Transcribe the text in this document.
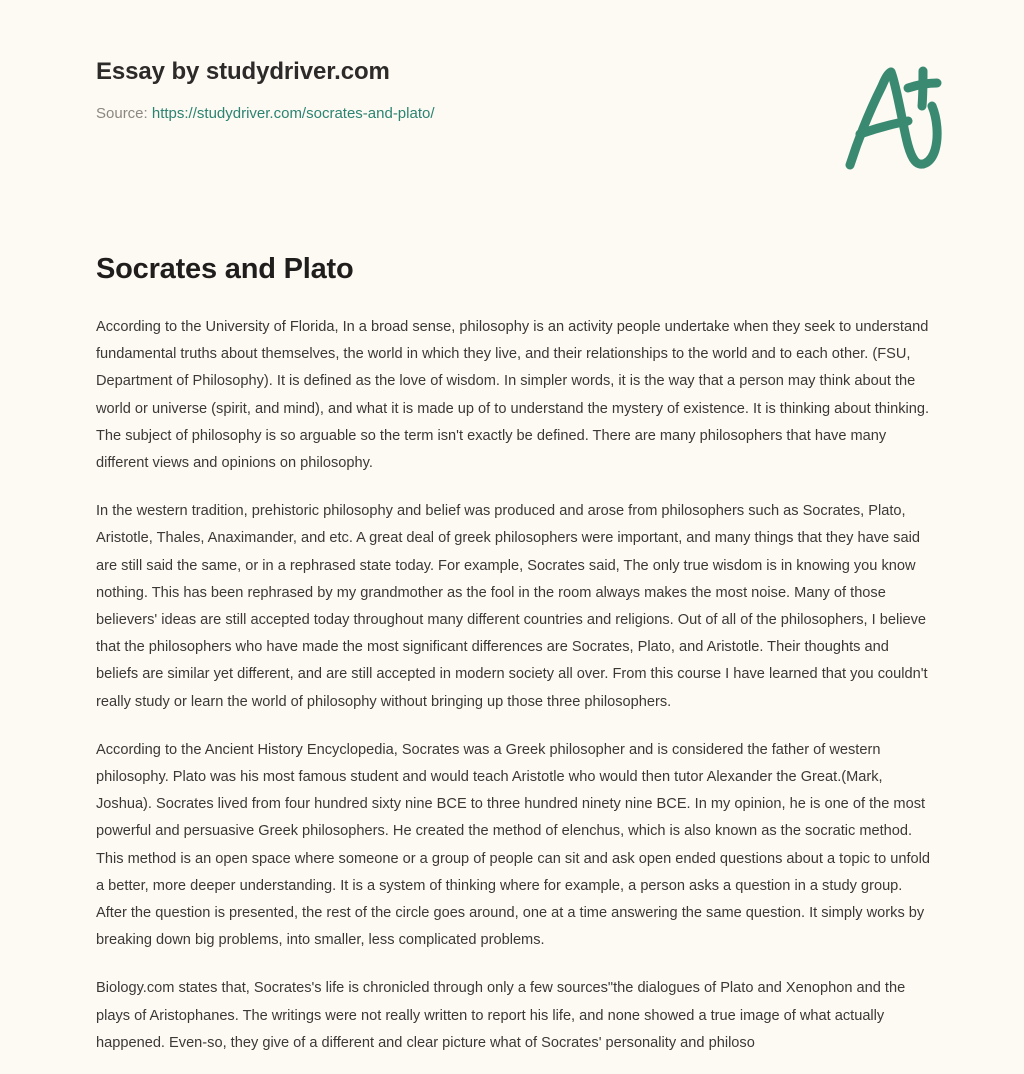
Essay by studydriver.com
Source: https://studydriver.com/socrates-and-plato/
Socrates and Plato

According to the University of Florida, In a broad sense, philosophy is an activity people undertake when they seek to understand fundamental truths about themselves, the world in which they live, and their relationships to the world and to each other. (FSU, Department of Philosophy). It is defined as the love of wisdom. In simpler words, it is the way that a person may think about the world or universe (spirit, and mind), and what it is made up of to understand the mystery of existence. It is thinking about thinking. The subject of philosophy is so arguable so the term isn't exactly be defined. There are many philosophers that have many different views and opinions on philosophy.

In the western tradition, prehistoric philosophy and belief was produced and arose from philosophers such as Socrates, Plato, Aristotle, Thales, Anaximander, and etc. A great deal of greek philosophers were important, and many things that they have said are still said the same, or in a rephrased state today. For example, Socrates said, The only true wisdom is in knowing you know nothing. This has been rephrased by my grandmother as the fool in the room always makes the most noise. Many of those believers' ideas are still accepted today throughout many different countries and religions. Out of all of the philosophers, I believe that the philosophers who have made the most significant differences are Socrates, Plato, and Aristotle. Their thoughts and beliefs are similar yet different, and are still accepted in modern society all over. From this course I have learned that you couldn't really study or learn the world of philosophy without bringing up those three philosophers.

According to the Ancient History Encyclopedia, Socrates was a Greek philosopher and is considered the father of western philosophy. Plato was his most famous student and would teach Aristotle who would then tutor Alexander the Great.(Mark, Joshua). Socrates lived from four hundred sixty nine BCE to three hundred ninety nine BCE. In my opinion, he is one of the most powerful and persuasive Greek philosophers. He created the method of elenchus, which is also known as the socratic method. This method is an open space where someone or a group of people can sit and ask open ended questions about a topic to unfold a better, more deeper understanding. It is a system of thinking where for example, a person asks a question in a study group. After the question is presented, the rest of the circle goes around, one at a time answering the same question. It simply works by breaking down big problems, into smaller, less complicated problems.

Biology.com states that, Socrates's life is chronicled through only a few sources"the dialogues of Plato and Xenophon and the plays of Aristophanes. The writings were not really written to report his life, and none showed a true image of what actually happened. Even-so, they give of a different and clear picture what of Socrates' personality and philoso
